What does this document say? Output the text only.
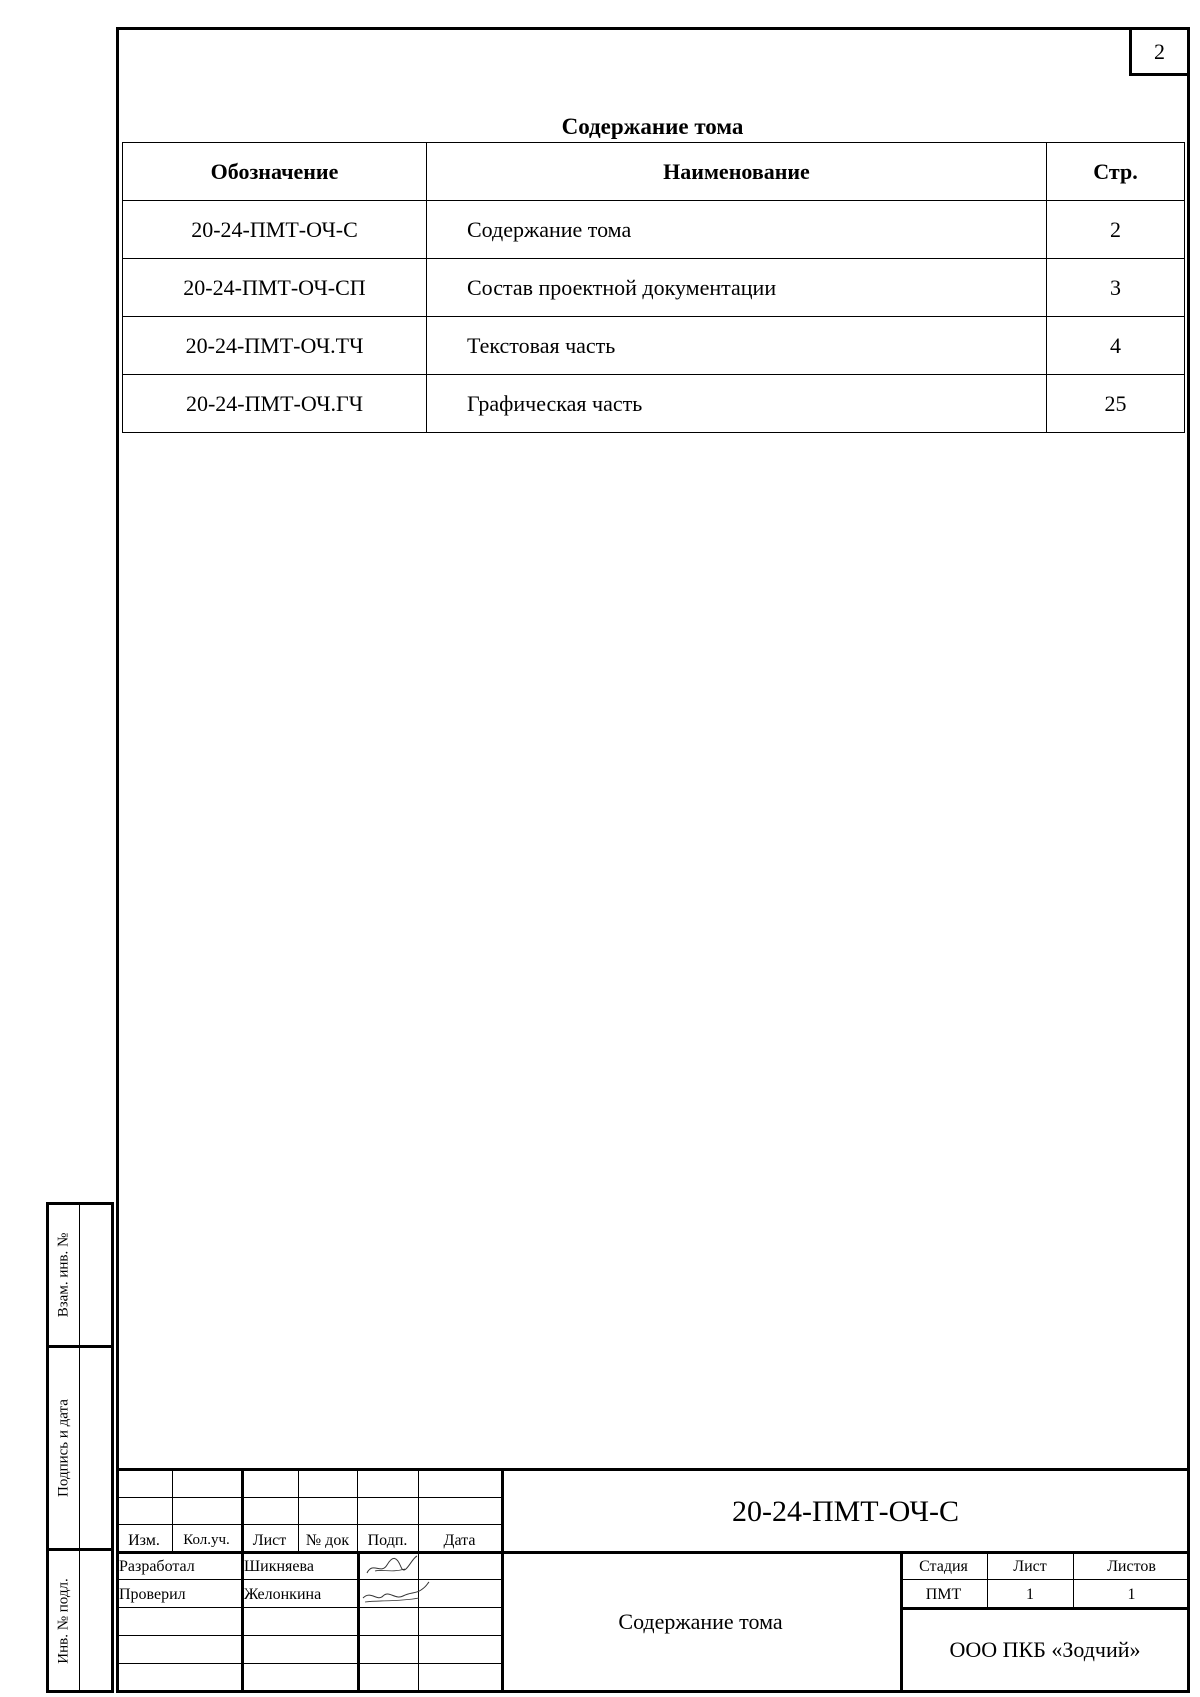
2
Содержание тома
Обозначение	Наименование	Стр.
20-24-ПМТ-ОЧ-С	Содержание тома	2
20-24-ПМТ-ОЧ-СП	Состав проектной документации	3
20-24-ПМТ-ОЧ.ТЧ	Текстовая часть	4
20-24-ПМТ-ОЧ.ГЧ	Графическая часть	25
Взам. инв. №
Подпись и дата
Инв. № подл.
Изм.	Кол.уч.	Лист	№ док	Подп.	Дата
Разработал	Шикняева
Проверил	Желонкина
20-24-ПМТ-ОЧ-С
Содержание тома
Стадия	Лист	Листов
ПМТ	1	1
ООО ПКБ «Зодчий»
